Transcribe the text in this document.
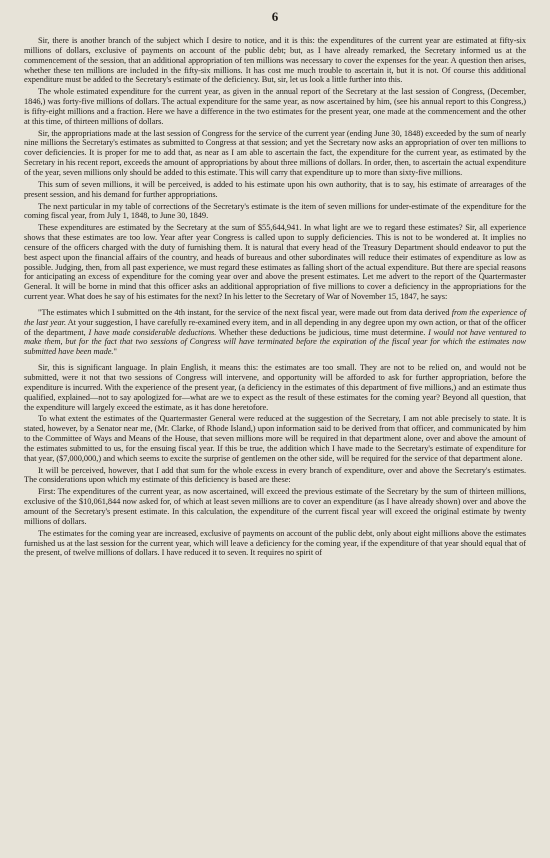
6

Sir, there is another branch of the subject which I desire to notice, and it is this: the expenditures of the current year are estimated at fifty-six millions of dollars, exclusive of payments on account of the public debt; but, as I have already remarked, the Secretary informed us at the commencement of the session, that an additional appropriation of ten millions was necessary to cover the expenses for the year. A question then arises, whether these ten millions are included in the fifty-six millions. It has cost me much trouble to ascertain it, but it is not. Of course this additional expenditure must be added to the Secretary's estimate of the deficiency. But, sir, let us look a little further into this.

The whole estimated expenditure for the current year, as given in the annual report of the Secretary at the last session of Congress, (December, 1846,) was forty-five millions of dollars. The actual expenditure for the same year, as now ascertained by him, (see his annual report to this Congress,) is fifty-eight millions and a fraction. Here we have a difference in the two estimates for the present year, one made at the commencement and the other at this time, of thirteen millions of dollars.

Sir, the appropriations made at the last session of Congress for the service of the current year (ending June 30, 1848) exceeded by the sum of nearly nine millions the Secretary's estimates as submitted to Congress at that session; and yet the Secretary now asks an appropriation of over ten millions to cover deficiencies. It is proper for me to add that, as near as I am able to ascertain the fact, the expenditure for the current year, as estimated by the Secretary in his recent report, exceeds the amount of appropriations by about three millions of dollars. In order, then, to ascertain the actual expenditure of the year, seven millions only should be added to this estimate. This will carry that expenditure up to more than sixty-five millions.

This sum of seven millions, it will be perceived, is added to his estimate upon his own authority, that is to say, his estimate of arrearages of the present session, and his demand for further appropriations.

The next particular in my table of corrections of the Secretary's estimate is the item of seven millions for under-estimate of the expenditure for the coming fiscal year, from July 1, 1848, to June 30, 1849.

These expenditures are estimated by the Secretary at the sum of $55,644,941. In what light are we to regard these estimates? Sir, all experience shows that these estimates are too low. Year after year Congress is called upon to supply deficiencies. This is not to be wondered at. It implies no censure of the officers charged with the duty of furnishing them. It is natural that every head of the Treasury Department should endeavor to put the best aspect upon the financial affairs of the country, and heads of bureaus and other subordinates will reduce their estimates of expenditure as low as possible. Judging, then, from all past experience, we must regard these estimates as falling short of the actual expenditure. But there are special reasons for anticipating an excess of expenditure for the coming year over and above the present estimates. Let me advert to the report of the Quartermaster General. It will be borne in mind that this officer asks an additional appropriation of five millions to cover a deficiency in the appropriations for the current year. What does he say of his estimates for the next? In his letter to the Secretary of War of November 15, 1847, he says:

"The estimates which I submitted on the 4th instant, for the service of the next fiscal year, were made out from data derived from the experience of the last year. At your suggestion, I have carefully re-examined every item, and in all depending in any degree upon my own action, or that of the officer of the department, I have made considerable deductions. Whether these deductions be judicious, time must determine. I would not have ventured to make them, but for the fact that two sessions of Congress will have terminated before the expiration of the fiscal year for which the estimates now submitted have been made."

Sir, this is significant language. In plain English, it means this: the estimates are too small. They are not to be relied on, and would not be submitted, were it not that two sessions of Congress will intervene, and opportunity will be afforded to ask for further appropriation, before the expenditure is incurred. With the experience of the present year, (a deficiency in the estimates of this department of five millions,) and an estimate thus qualified, explained—not to say apologized for—what are we to expect as the result of these estimates for the coming year? Beyond all question, that the expenditure will largely exceed the estimate, as it has done heretofore.

To what extent the estimates of the Quartermaster General were reduced at the suggestion of the Secretary, I am not able precisely to state. It is stated, however, by a Senator near me, (Mr. Clarke, of Rhode Island,) upon information said to be derived from that officer, and communicated by him to the Committee of Ways and Means of the House, that seven millions more will be required in that department alone, over and above the amount of the estimates submitted to us, for the ensuing fiscal year. If this be true, the addition which I have made to the Secretary's estimate of expenditure for that year, ($7,000,000,) and which seems to excite the surprise of gentlemen on the other side, will be required for the service of that department alone.

It will be perceived, however, that I add that sum for the whole excess in every branch of expenditure, over and above the Secretary's estimates. The considerations upon which my estimate of this deficiency is based are these:

First: The expenditures of the current year, as now ascertained, will exceed the previous estimate of the Secretary by the sum of thirteen millions, exclusive of the $10,061,844 now asked for, of which at least seven millions are to cover an expenditure (as I have already shown) over and above the amount of the Secretary's present estimate. In this calculation, the expenditure of the current fiscal year will exceed the original estimate by twenty millions of dollars.

The estimates for the coming year are increased, exclusive of payments on account of the public debt, only about eight millions above the estimates furnished us at the last session for the current year, which will leave a deficiency for the coming year, if the expenditure of that year should equal that of the present, of twelve millions of dollars. I have reduced it to seven. It requires no spirit of
